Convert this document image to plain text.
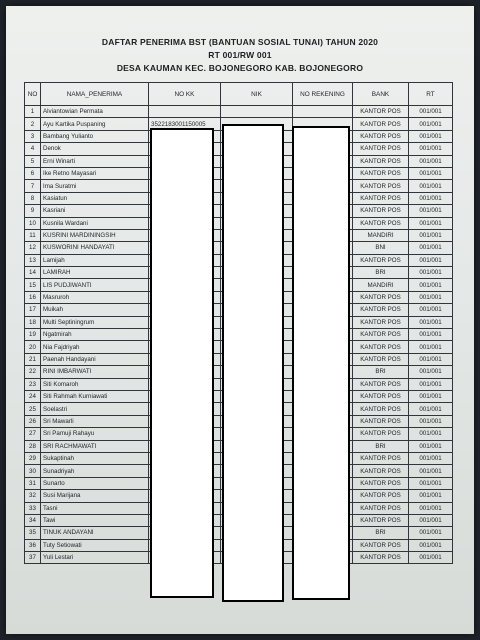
DAFTAR PENERIMA BST (BANTUAN SOSIAL TUNAI) TAHUN 2020
RT 001/RW 001
DESA KAUMAN KEC. BOJONEGORO KAB. BOJONEGORO
NO	NAMA_PENERIMA	NO KK	NIK	NO REKENING	BANK	RT
1	Alviantowian Permata				KANTOR POS	001/001
2	Ayu Kartika Puspaning	3522183001150005			KANTOR POS	001/001
3	Bambang Yulianto				KANTOR POS	001/001
4	Denok				KANTOR POS	001/001
5	Erni Winarti				KANTOR POS	001/001
6	Ike Retno Mayasari				KANTOR POS	001/001
7	Ima Suratmi				KANTOR POS	001/001
8	Kasiatun				KANTOR POS	001/001
9	Kasriani				KANTOR POS	001/001
10	Kusnila Wardani				KANTOR POS	001/001
11	KUSRINI MARDININGSIH				MANDIRI	001/001
12	KUSWORINI HANDAYATI				BNI	001/001
13	Lamijah				KANTOR POS	001/001
14	LAMIRAH				BRI	001/001
15	LIS PUDJIWANTI				MANDIRI	001/001
16	Masruroh				KANTOR POS	001/001
17	Muikah				KANTOR POS	001/001
18	Multi Septiningrum				KANTOR POS	001/001
19	Ngatmirah				KANTOR POS	001/001
20	Nia Fajdriyah				KANTOR POS	001/001
21	Paenah Handayani				KANTOR POS	001/001
22	RINI IMBARWATI				BRI	001/001
23	Siti Komaroh				KANTOR POS	001/001
24	Siti Rahmah Kurniawati				KANTOR POS	001/001
25	Soelastri				KANTOR POS	001/001
26	Sri Mawarli				KANTOR POS	001/001
27	Sri Pamuji Rahayu				KANTOR POS	001/001
28	SRI RACHMAWATI				BRI	001/001
29	Sukaptinah				KANTOR POS	001/001
30	Sunadriyah				KANTOR POS	001/001
31	Sunarto				KANTOR POS	001/001
32	Susi Marijana				KANTOR POS	001/001
33	Tasni				KANTOR POS	001/001
34	Tawi				KANTOR POS	001/001
35	TINUK ANDAYANI				BRI	001/001
36	Tuty Setiowati				KANTOR POS	001/001
37	Yuli Lestari				KANTOR POS	001/001
